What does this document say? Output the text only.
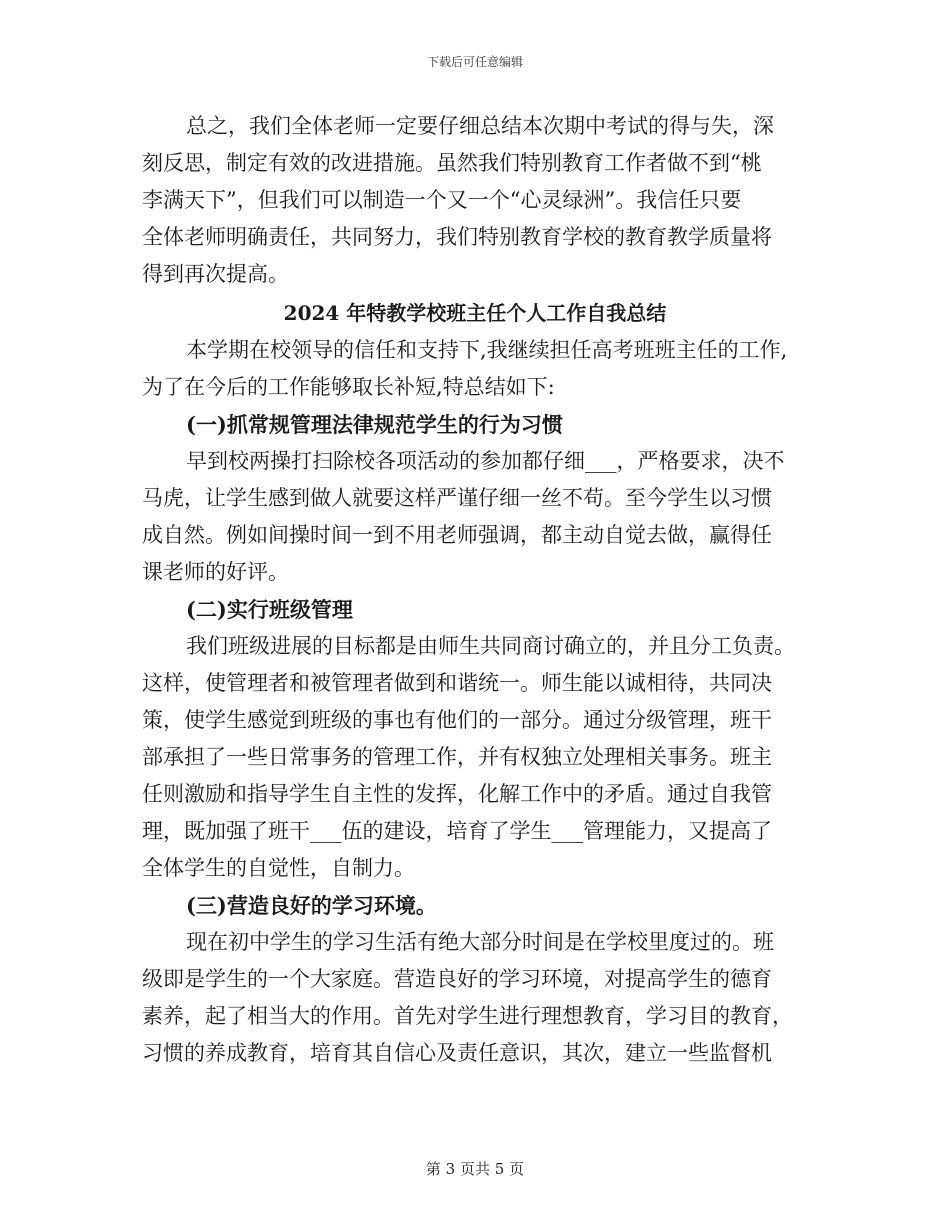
下载后可任意编辑
总之，我们全体老师一定要仔细总结本次期中考试的得与失，深
刻反思，制定有效的改进措施。虽然我们特别教育工作者做不到“桃
李满天下”，但我们可以制造一个又一个“心灵绿洲”。我信任只要
全体老师明确责任，共同努力，我们特别教育学校的教育教学质量将
得到再次提高。
2024 年特教学校班主任个人工作自我总结
本学期在校领导的信任和支持下,我继续担任高考班班主任的工作,
为了在今后的工作能够取长补短,特总结如下:
(一)抓常规管理法律规范学生的行为习惯
早到校两操打扫除校各项活动的参加都仔细___，严格要求，决不
马虎，让学生感到做人就要这样严谨仔细一丝不苟。至今学生以习惯
成自然。例如间操时间一到不用老师强调，都主动自觉去做，赢得任
课老师的好评。
(二)实行班级管理
我们班级进展的目标都是由师生共同商讨确立的，并且分工负责。
这样，使管理者和被管理者做到和谐统一。师生能以诚相待，共同决
策，使学生感觉到班级的事也有他们的一部分。通过分级管理，班干
部承担了一些日常事务的管理工作，并有权独立处理相关事务。班主
任则激励和指导学生自主性的发挥，化解工作中的矛盾。通过自我管
理，既加强了班干___伍的建设，培育了学生___管理能力，又提高了
全体学生的自觉性，自制力。
(三)营造良好的学习环境。
现在初中学生的学习生活有绝大部分时间是在学校里度过的。班
级即是学生的一个大家庭。营造良好的学习环境，对提高学生的德育
素养，起了相当大的作用。首先对学生进行理想教育，学习目的教育，
习惯的养成教育，培育其自信心及责任意识，其次，建立一些监督机
第 3 页共 5 页
